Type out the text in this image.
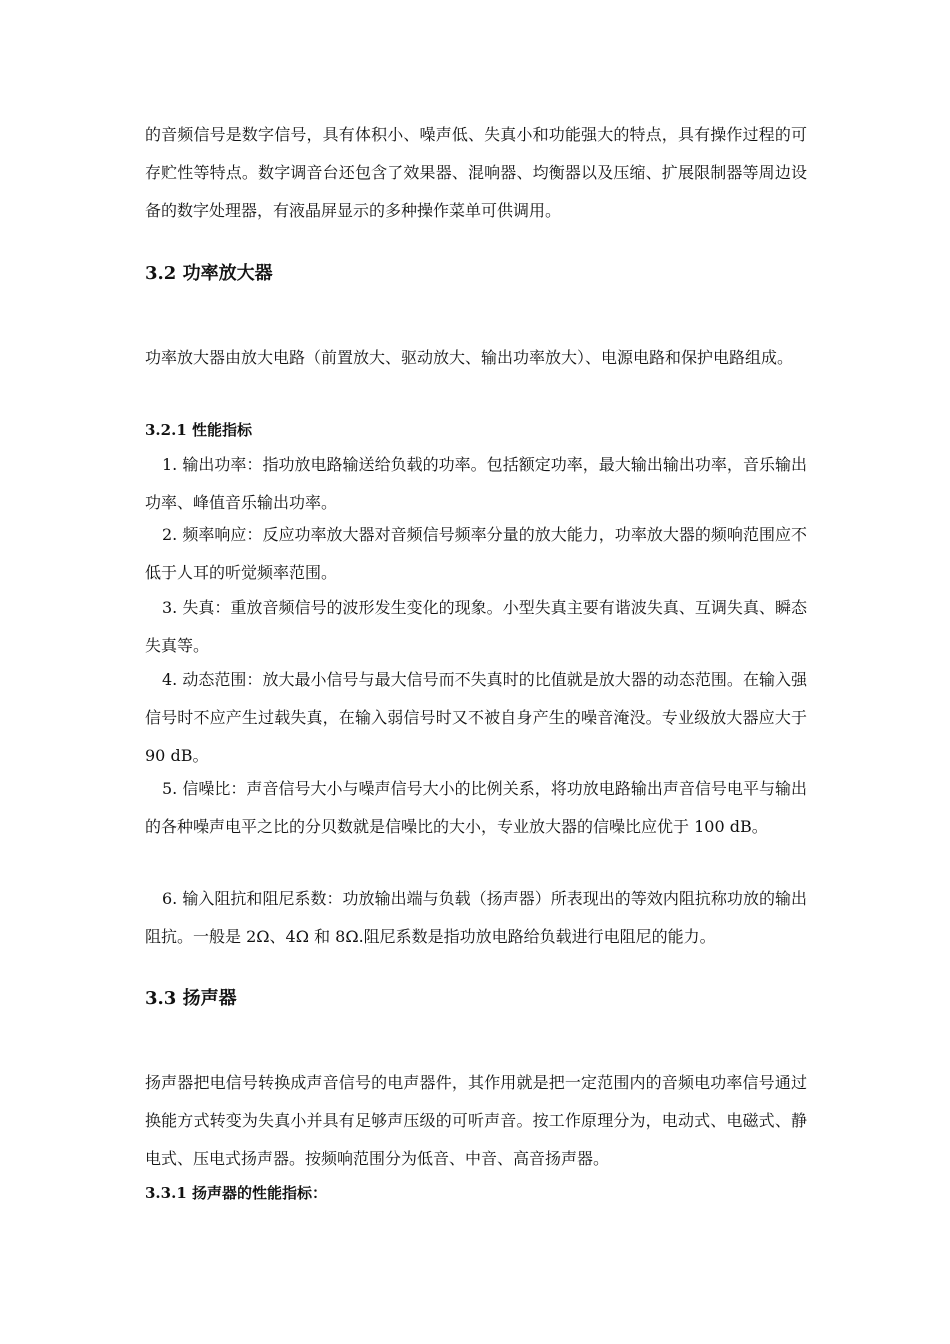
的音频信号是数字信号，具有体积小、噪声低、失真小和功能强大的特点，具有操作过程的可存贮性等特点。数字调音台还包含了效果器、混响器、均衡器以及压缩、扩展限制器等周边设备的数字处理器，有液晶屏显示的多种操作菜单可供调用。

3.2 功率放大器

功率放大器由放大电路（前置放大、驱动放大、输出功率放大）、电源电路和保护电路组成。

3.2.1 性能指标

1. 输出功率：指功放电路输送给负载的功率。包括额定功率，最大输出输出功率，音乐输出功率、峰值音乐输出功率。

2. 频率响应：反应功率放大器对音频信号频率分量的放大能力，功率放大器的频响范围应不低于人耳的听觉频率范围。

3. 失真：重放音频信号的波形发生变化的现象。小型失真主要有谐波失真、互调失真、瞬态失真等。

4. 动态范围：放大最小信号与最大信号而不失真时的比值就是放大器的动态范围。在输入强信号时不应产生过载失真，在输入弱信号时又不被自身产生的噪音淹没。专业级放大器应大于 90 dB。

5. 信噪比：声音信号大小与噪声信号大小的比例关系，将功放电路输出声音信号电平与输出的各种噪声电平之比的分贝数就是信噪比的大小，专业放大器的信噪比应优于 100 dB。

6. 输入阻抗和阻尼系数：功放输出端与负载（扬声器）所表现出的等效内阻抗称功放的输出阻抗。一般是 2Ω、4Ω 和 8Ω.阻尼系数是指功放电路给负载进行电阻尼的能力。

3.3 扬声器

扬声器把电信号转换成声音信号的电声器件，其作用就是把一定范围内的音频电功率信号通过换能方式转变为失真小并具有足够声压级的可听声音。按工作原理分为，电动式、电磁式、静电式、压电式扬声器。按频响范围分为低音、中音、高音扬声器。

3.3.1 扬声器的性能指标：
